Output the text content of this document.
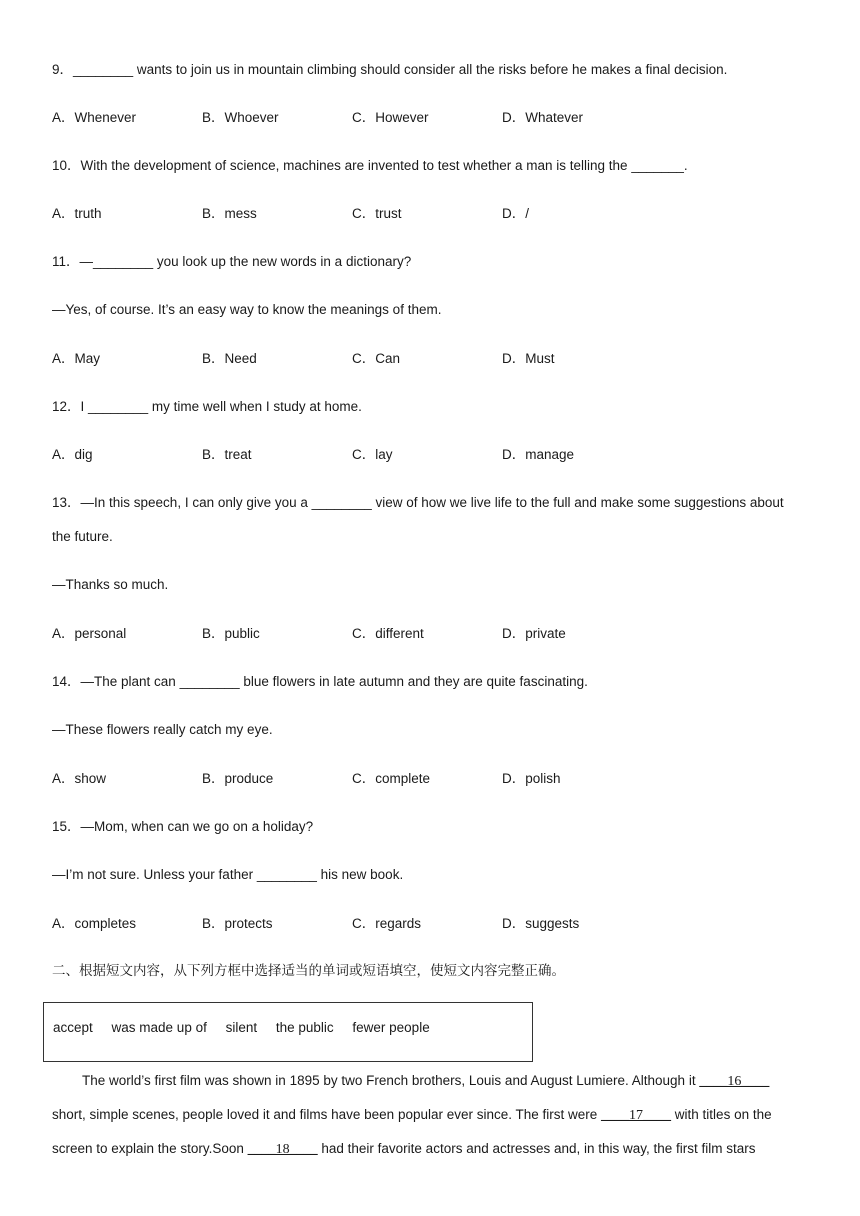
9．________ wants to join us in mountain climbing should consider all the risks before he makes a final decision.
A．Whenever	B．Whoever	C．However	D．Whatever
10．With the development of science, machines are invented to test whether a man is telling the _______.
A．truth	B．mess	C．trust	D．/
11．—________ you look up the new words in a dictionary?
—Yes, of course. It’s an easy way to know the meanings of them.
A．May	B．Need	C．Can	D．Must
12．I ________ my time well when I study at home.
A．dig	B．treat	C．lay	D．manage
13．—In this speech, I can only give you a ________ view of how we live life to the full and make some suggestions about
the future.
—Thanks so much.
A．personal	B．public	C．different	D．private
14．—The plant can ________ blue flowers in late autumn and they are quite fascinating.
—These flowers really catch my eye.
A．show	B．produce	C．complete	D．polish
15．—Mom, when can we go on a holiday?
—I’m not sure. Unless your father ________ his new book.
A．completes	B．protects	C．regards	D．suggests
二、根据短文内容，从下列方框中选择适当的单词或短语填空，使短文内容完整正确。
accept     was made up of     silent     the public     fewer people
The world’s first film was shown in 1895 by two French brothers, Louis and August Lumiere. Although it ____16____
short, simple scenes, people loved it and films have been popular ever since. The first were ____17____ with titles on the
screen to explain the story.Soon ____18____ had their favorite actors and actresses and, in this way, the first film stars
